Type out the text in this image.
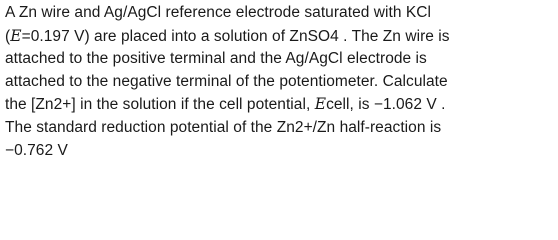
A Zn wire and Ag/AgCl reference electrode saturated with KCl
(E=0.197 V) are placed into a solution of ZnSO4 . The Zn wire is
attached to the positive terminal and the Ag/AgCl electrode is
attached to the negative terminal of the potentiometer. Calculate
the [Zn2+] in the solution if the cell potential, Ecell, is −1.062 V .
The standard reduction potential of the Zn2+/Zn half-reaction is
−0.762 V
